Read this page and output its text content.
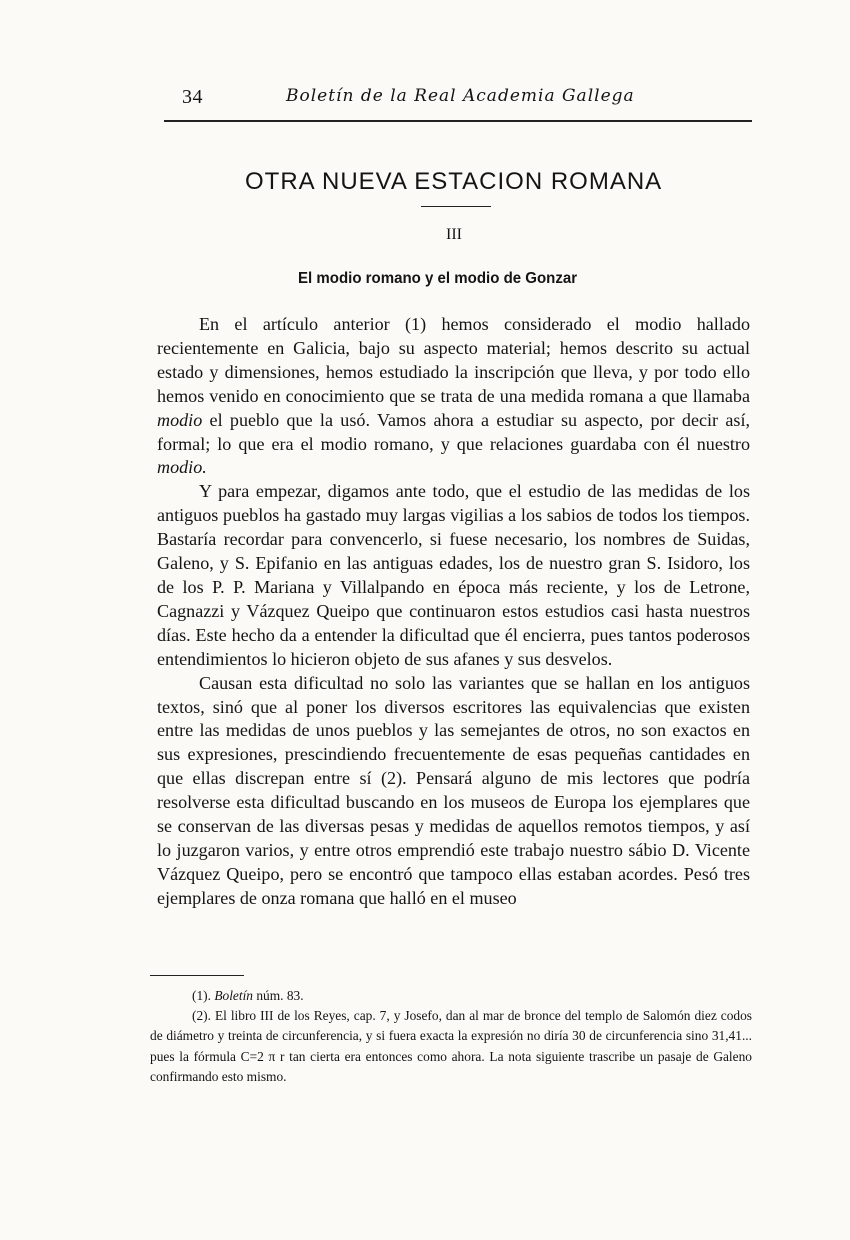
34	Boletín de la Real Academia Gallega
OTRA NUEVA ESTACION ROMANA
III
El modio romano y el modio de Gonzar

En el artículo anterior (1) hemos considerado el modio hallado recientemente en Galicia, bajo su aspecto material; hemos descrito su actual estado y dimensiones, hemos estudiado la inscripción que lleva, y por todo ello hemos venido en conocimiento que se trata de una medida romana a que llamaba modio el pueblo que la usó. Vamos ahora a estudiar su aspecto, por decir así, formal; lo que era el modio romano, y que relaciones guardaba con él nuestro modio.

Y para empezar, digamos ante todo, que el estudio de las medidas de los antiguos pueblos ha gastado muy largas vigilias a los sabios de todos los tiempos. Bastaría recordar para convencerlo, si fuese necesario, los nombres de Suidas, Galeno, y S. Epifanio en las antiguas edades, los de nuestro gran S. Isidoro, los de los P. P. Mariana y Villalpando en época más reciente, y los de Letrone, Cagnazzi y Vázquez Queipo que continuaron estos estudios casi hasta nuestros días. Este hecho da a entender la dificultad que él encierra, pues tantos poderosos entendimientos lo hicieron objeto de sus afanes y sus desvelos.

Causan esta dificultad no solo las variantes que se hallan en los antiguos textos, sinó que al poner los diversos escritores las equivalencias que existen entre las medidas de unos pueblos y las semejantes de otros, no son exactos en sus expresiones, prescindiendo frecuentemente de esas pequeñas cantidades en que ellas discrepan entre sí (2). Pensará alguno de mis lectores que podría resolverse esta dificultad buscando en los museos de Europa los ejemplares que se conservan de las diversas pesas y medidas de aquellos remotos tiempos, y así lo juzgaron varios, y entre otros emprendió este trabajo nuestro sábio D. Vicente Vázquez Queipo, pero se encontró que tampoco ellas estaban acordes. Pesó tres ejemplares de onza romana que halló en el museo

(1). Boletín núm. 83.

(2). El libro III de los Reyes, cap. 7, y Josefo, dan al mar de bronce del templo de Salomón diez codos de diámetro y treinta de circunferencia, y si fuera exacta la expresión no diría 30 de circunferencia sino 31,41... pues la fórmula C=2 π r tan cierta era entonces como ahora. La nota siguiente trascribe un pasaje de Galeno confirmando esto mismo.
